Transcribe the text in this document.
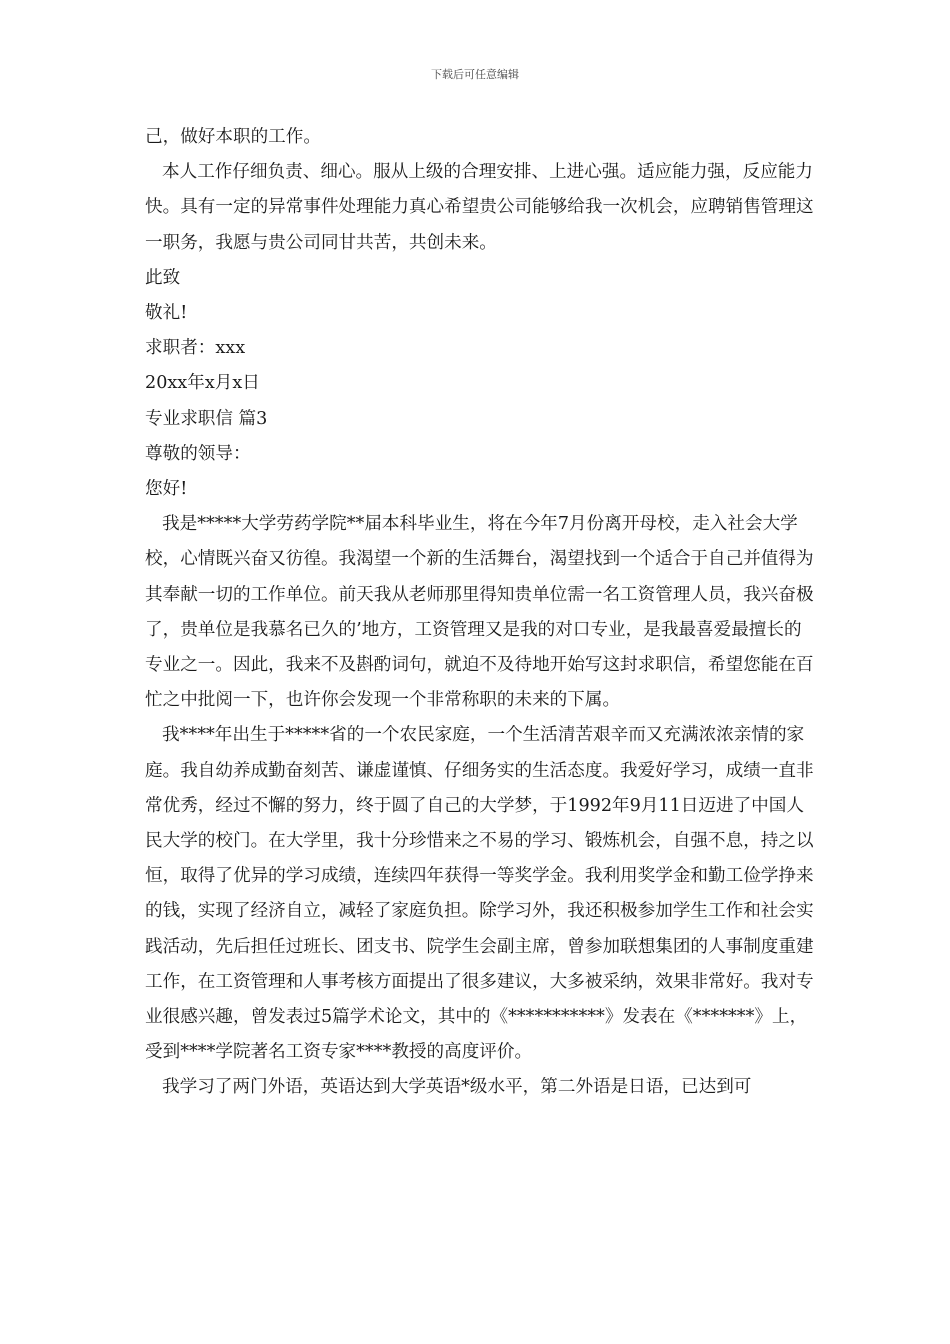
下载后可任意编辑

己，做好本职的工作。

本人工作仔细负责、细心。服从上级的合理安排、上进心强。适应能力强，反应能力快。具有一定的异常事件处理能力真心希望贵公司能够给我一次机会，应聘销售管理这一职务，我愿与贵公司同甘共苦，共创未来。

此致

敬礼!

求职者：xxx

20xx年x月x日

专业求职信 篇3

尊敬的领导：

您好!

我是*****大学劳药学院**届本科毕业生，将在今年7月份离开母校，走入社会大学校，心情既兴奋又彷徨。我渴望一个新的生活舞台，渴望找到一个适合于自己并值得为其奉献一切的工作单位。前天我从老师那里得知贵单位需一名工资管理人员，我兴奋极了，贵单位是我慕名已久的’地方，工资管理又是我的对口专业，是我最喜爱最擅长的专业之一。因此，我来不及斟酌词句，就迫不及待地开始写这封求职信，希望您能在百忙之中批阅一下，也许你会发现一个非常称职的未来的下属。

我****年出生于*****省的一个农民家庭，一个生活清苦艰辛而又充满浓浓亲情的家庭。我自幼养成勤奋刻苦、谦虚谨慎、仔细务实的生活态度。我爱好学习，成绩一直非常优秀，经过不懈的努力，终于圆了自己的大学梦，于1992年9月11日迈进了中国人民大学的校门。在大学里，我十分珍惜来之不易的学习、锻炼机会，自强不息，持之以恒，取得了优异的学习成绩，连续四年获得一等奖学金。我利用奖学金和勤工俭学挣来的钱，实现了经济自立，减轻了家庭负担。除学习外，我还积极参加学生工作和社会实践活动，先后担任过班长、团支书、院学生会副主席，曾参加联想集团的人事制度重建工作，在工资管理和人事考核方面提出了很多建议，大多被采纳，效果非常好。我对专业很感兴趣，曾发表过5篇学术论文，其中的《***********》发表在《*******》上，受到****学院著名工资专家****教授的高度评价。

我学习了两门外语，英语达到大学英语*级水平，第二外语是日语，已达到可
